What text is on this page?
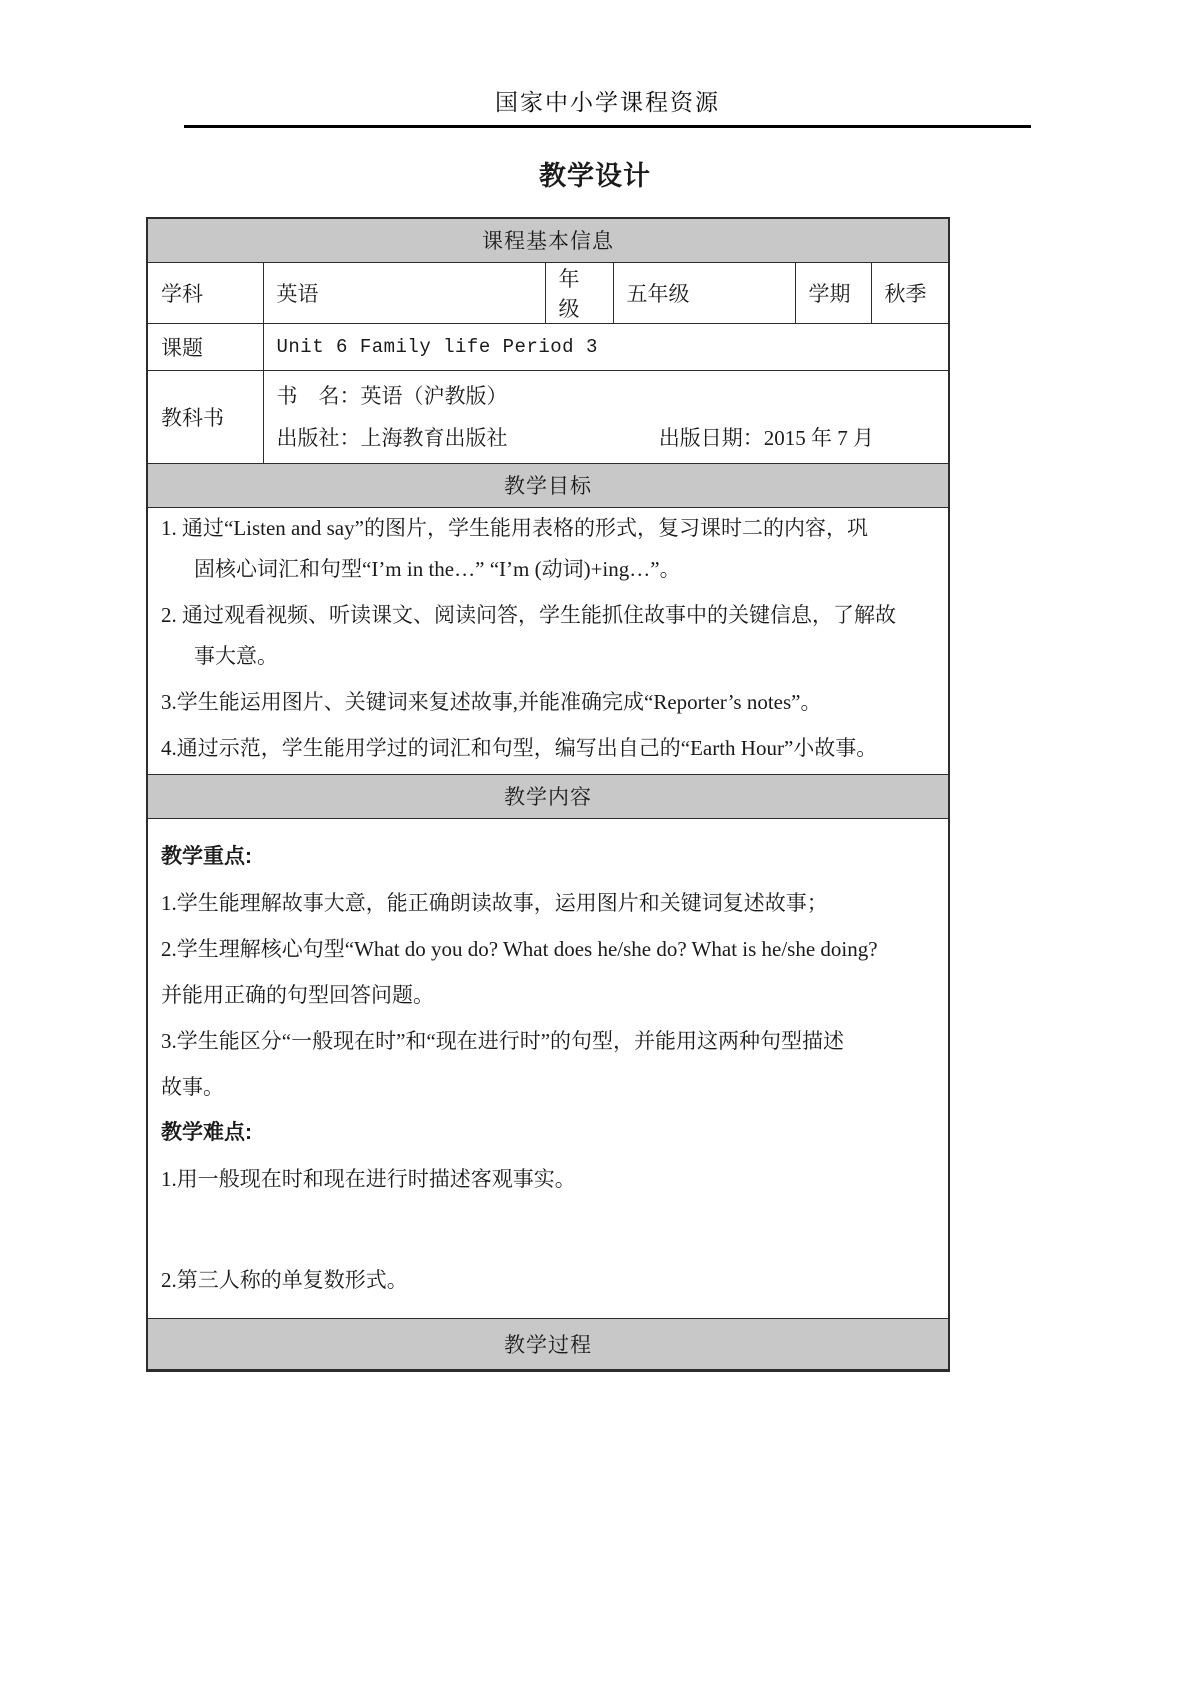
国家中小学课程资源
教学设计
课程基本信息					
学科	英语	年级	五年级	学期	秋季
课题	Unit 6 Family life Period 3				
教科书	书　名：英语（沪教版）
出版社：上海教育出版社 出版日期：2015 年 7 月				

教学目标					

1. 通过“Listen and say”的图片，学生能用表格的形式，复习课时二的内容，巩
固核心词汇和句型“I’m in the…” “I’m (动词)+ing…”。
2. 通过观看视频、听读课文、阅读问答，学生能抓住故事中的关键信息，了解故
事大意。
3.学生能运用图片、关键词来复述故事,并能准确完成“Reporter’s notes”。
4.通过示范，学生能用学过的词汇和句型，编写出自己的“Earth Hour”小故事。

教学内容					

教学重点:
1.学生能理解故事大意，能正确朗读故事，运用图片和关键词复述故事；
2.学生理解核心句型“What do you do? What does he/she do? What is he/she doing?
并能用正确的句型回答问题。
3.学生能区分“一般现在时”和“现在进行时”的句型，并能用这两种句型描述
故事。
教学难点:
1.用一般现在时和现在进行时描述客观事实。
2.第三人称的单复数形式。

教学过程					
